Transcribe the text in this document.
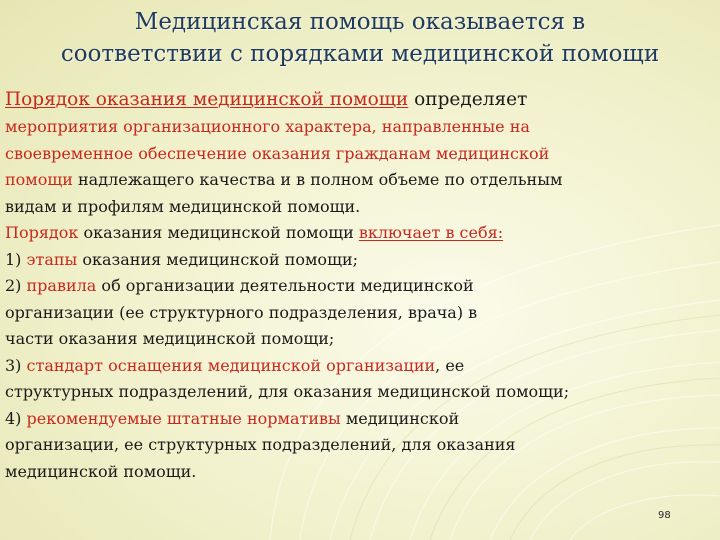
Медицинская помощь оказывается в
соответствии с порядками медицинской помощи
Порядок оказания медицинской помощи определяет
мероприятия организационного характера, направленные на
своевременное обеспечение оказания гражданам медицинской
помощи надлежащего качества и в полном объеме по отдельным
видам и профилям медицинской помощи.
Порядок оказания медицинской помощи включает в себя:
1) этапы оказания медицинской помощи;
2) правила об организации деятельности медицинской
организации (ее структурного подразделения, врача) в
части оказания медицинской помощи;
3) стандарт оснащения медицинской организации, ее
структурных подразделений, для оказания медицинской помощи;
4) рекомендуемые штатные нормативы медицинской
организации, ее структурных подразделений, для оказания
медицинской помощи.
98
